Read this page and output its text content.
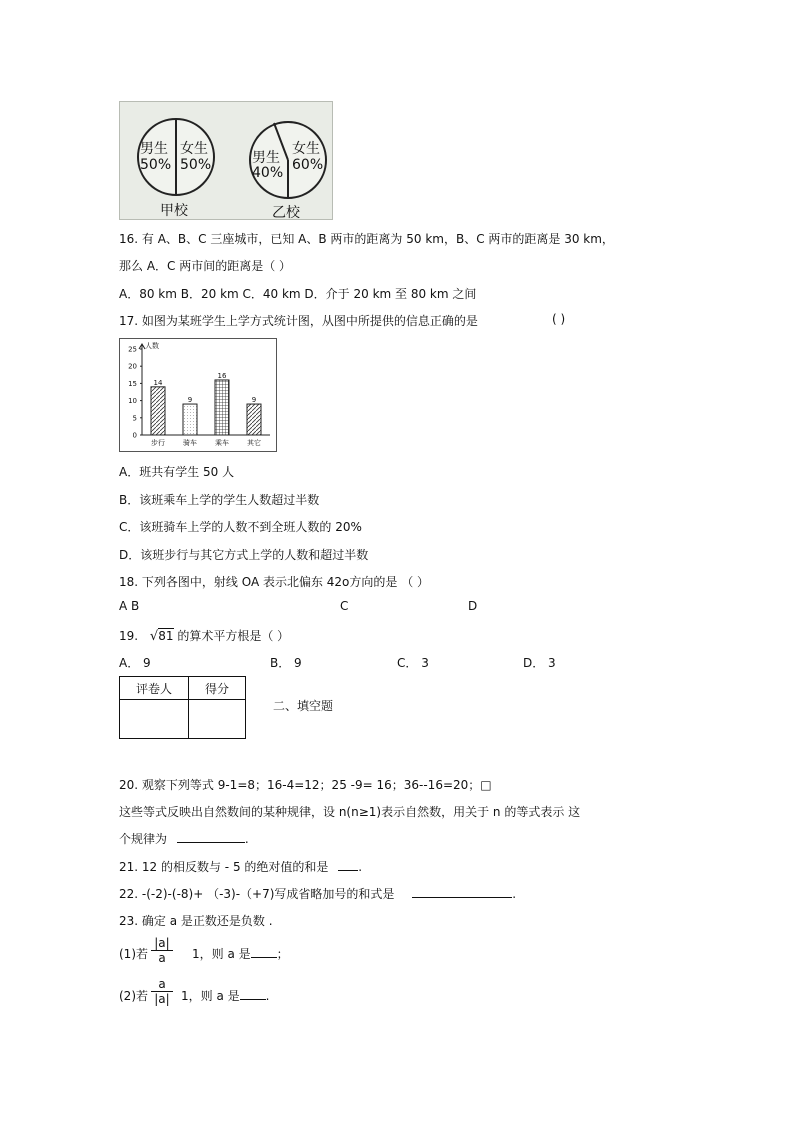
男生
50%
女生
50%
甲校
男生
40%
女生
60%
乙校
16. 有 A、B、C 三座城市，已知 A、B 两市的距离为 50 km，B、C 两市的距离是 30 km，
那么 A．C 两市间的距离是（ ）
A．80 km B．20 km C．40 km D．介于 20 km 至 80 km 之间
17. 如图为某班学生上学方式统计图，从图中所提供的信息正确的是	( )
人数
0
5
10
15
20
25
14
步行
9
骑车
16
乘车
9
其它
A．班共有学生 50 人
B．该班乘车上学的学生人数超过半数
C．该班骑车上学的人数不到全班人数的 20%
D．该班步行与其它方式上学的人数和超过半数
18. 下列各图中，射线 OA 表示北偏东 42o方向的是 （ ）
A B	C	D
19. √81 的算术平方根是（ ）
A． 9	B． 9	C． 3	D． 3
评卷人	得分

二、填空题
20. 观察下列等式 9-1=8；16-4=12；25 -9= 16；36--16=20；□
这些等式反映出自然数间的某种规律，设 n(n≥1)表示自然数，用关于 n 的等式表示 这
个规律为	.
21. 12 的相反数与 - 5 的绝对值的和是 .
22. -(-2)-(-8)+ （-3)-（+7)写成省略加号的和式是	.
23. 确定 a 是正数还是负数 .
(1)若 $\frac{|a|}{a} 1$，则 a 是 ；
(2)若 $\frac{a}{|a|} 1$，则 a 是 .
